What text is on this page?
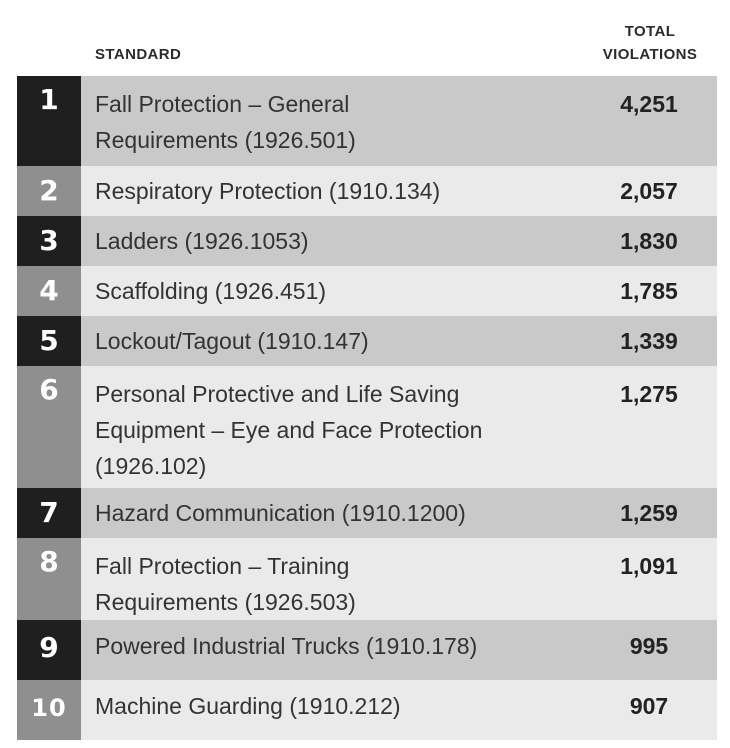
STANDARD
TOTAL
VIOLATIONS
1	Fall Protection – General
Requirements (1926.501)
4,251
2	Respiratory Protection (1910.134)	2,057
3	Ladders (1926.1053)	1,830
4	Scaffolding (1926.451)	1,785
5	Lockout/Tagout (1910.147)	1,339
6	Personal Protective and Life Saving
Equipment – Eye and Face Protection
(1926.102)
1,275
7	Hazard Communication (1910.1200)	1,259
8	Fall Protection – Training
Requirements (1926.503)
1,091
9	Powered Industrial Trucks (1910.178)	995
10	Machine Guarding (1910.212)	907
